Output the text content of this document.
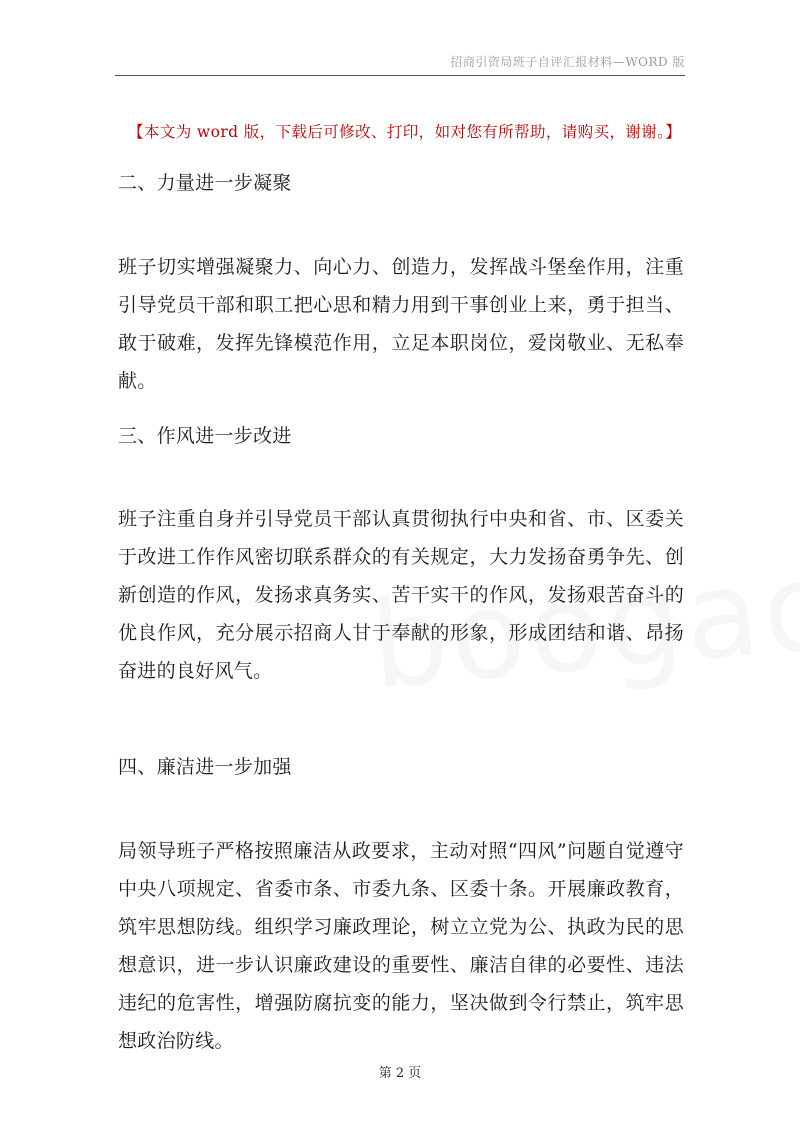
招商引资局班子自评汇报材料—WORD 版
【本文为 word 版，下载后可修改、打印，如对您有所帮助，请购买，谢谢。】
二、力量进一步凝聚
班子切实增强凝聚力、向心力、创造力，发挥战斗堡垒作用，注重引导党员干部和职工把心思和精力用到干事创业上来，勇于担当、敢于破难，发挥先锋模范作用，立足本职岗位，爱岗敬业、无私奉献。
三、作风进一步改进
班子注重自身并引导党员干部认真贯彻执行中央和省、市、区委关于改进工作作风密切联系群众的有关规定，大力发扬奋勇争先、创新创造的作风，发扬求真务实、苦干实干的作风，发扬艰苦奋斗的优良作风，充分展示招商人甘于奉献的形象，形成团结和谐、昂扬奋进的良好风气。
四、廉洁进一步加强
局领导班子严格按照廉洁从政要求，主动对照“四风”问题自觉遵守中央八项规定、省委市条、市委九条、区委十条。开展廉政教育，筑牢思想防线。组织学习廉政理论，树立立党为公、执政为民的思想意识，进一步认识廉政建设的重要性、廉洁自律的必要性、违法违纪的危害性，增强防腐抗变的能力，坚决做到令行禁止，筑牢思想政治防线。
第 2 页
